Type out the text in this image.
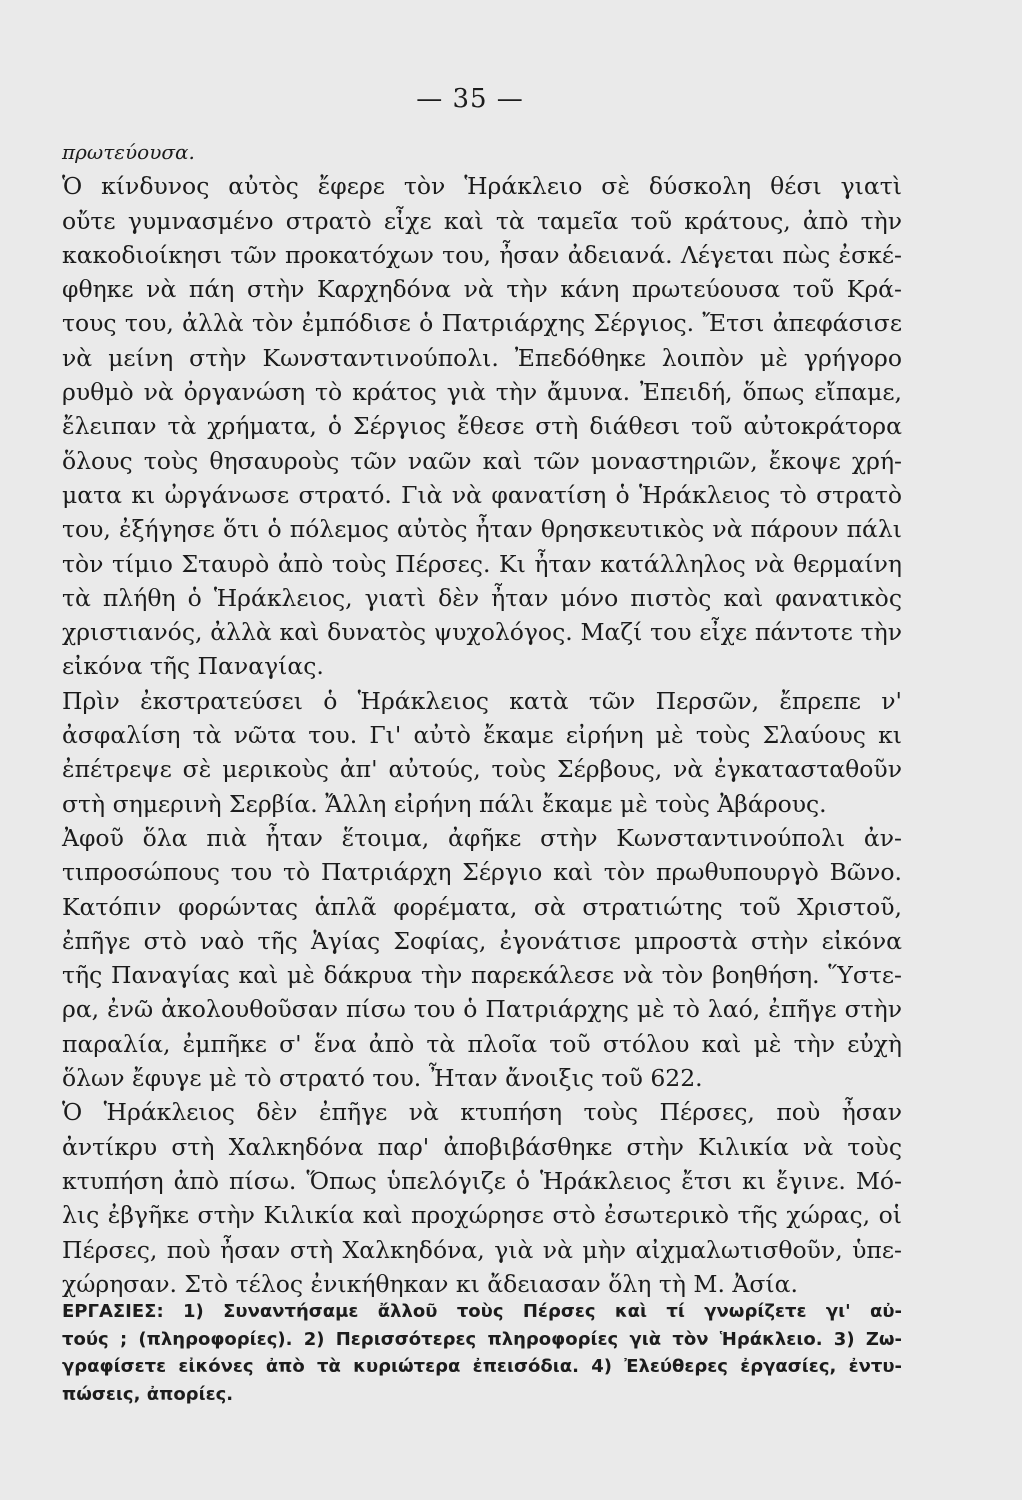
— 35 —
πρωτεύουσα.
Ὁ κίνδυνος αὐτὸς ἔφερε τὸν Ἡράκλειο σὲ δύσκολη θέσι γιατὶ
οὔτε γυμνασμένο στρατὸ εἶχε καὶ τὰ ταμεῖα τοῦ κράτους, ἀπὸ τὴν
κακοδιοίκησι τῶν προκατόχων του, ἦσαν ἀδειανά. Λέγεται πὼς ἐσκέ-
φθηκε νὰ πάη στὴν Καρχηδόνα νὰ τὴν κάνη πρωτεύουσα τοῦ Κρά-
τους του, ἀλλὰ τὸν ἐμπόδισε ὁ Πατριάρχης Σέργιος. Ἔτσι ἀπεφάσισε
νὰ μείνη στὴν Κωνσταντινούπολι. Ἐπεδόθηκε λοιπὸν μὲ γρήγορο
ρυθμὸ νὰ ὀργανώση τὸ κράτος γιὰ τὴν ἄμυνα. Ἐπειδή, ὅπως εἴπαμε,
ἔλειπαν τὰ χρήματα, ὁ Σέργιος ἔθεσε στὴ διάθεσι τοῦ αὐτοκράτορα
ὅλους τοὺς θησαυροὺς τῶν ναῶν καὶ τῶν μοναστηριῶν, ἔκοψε χρή-
ματα κι ὠργάνωσε στρατό. Γιὰ νὰ φανατίση ὁ Ἡράκλειος τὸ στρατὸ
του, ἐξήγησε ὅτι ὁ πόλεμος αὐτὸς ἦταν θρησκευτικὸς νὰ πάρουν πάλι
τὸν τίμιο Σταυρὸ ἀπὸ τοὺς Πέρσες. Κι ἦταν κατάλληλος νὰ θερμαίνη
τὰ πλήθη ὁ Ἡράκλειος, γιατὶ δὲν ἦταν μόνο πιστὸς καὶ φανατικὸς
χριστιανός, ἀλλὰ καὶ δυνατὸς ψυχολόγος. Μαζί του εἶχε πάντοτε τὴν
εἰκόνα τῆς Παναγίας.
Πρὶν ἐκστρατεύσει ὁ Ἡράκλειος κατὰ τῶν Περσῶν, ἔπρεπε ν'
ἀσφαλίση τὰ νῶτα του. Γι' αὐτὸ ἔκαμε εἰρήνη μὲ τοὺς Σλαύους κι
ἐπέτρεψε σὲ μερικοὺς ἀπ' αὐτούς, τοὺς Σέρβους, νὰ ἐγκατασταθοῦν
στὴ σημερινὴ Σερβία. Ἄλλη εἰρήνη πάλι ἔκαμε μὲ τοὺς Ἀβάρους.
Ἀφοῦ ὅλα πιὰ ἦταν ἕτοιμα, ἀφῆκε στὴν Κωνσταντινούπολι ἀν-
τιπροσώπους του τὸ Πατριάρχη Σέργιο καὶ τὸν πρωθυπουργὸ Βῶνο.
Κατόπιν φορώντας ἁπλᾶ φορέματα, σὰ στρατιώτης τοῦ Χριστοῦ,
ἐπῆγε στὸ ναὸ τῆς Ἁγίας Σοφίας, ἐγονάτισε μπροστὰ στὴν εἰκόνα
τῆς Παναγίας καὶ μὲ δάκρυα τὴν παρεκάλεσε νὰ τὸν βοηθήση. Ὕστε-
ρα, ἐνῶ ἀκολουθοῦσαν πίσω του ὁ Πατριάρχης μὲ τὸ λαό, ἐπῆγε στὴν
παραλία, ἐμπῆκε σ' ἕνα ἀπὸ τὰ πλοῖα τοῦ στόλου καὶ μὲ τὴν εὐχὴ
ὅλων ἔφυγε μὲ τὸ στρατό του. Ἦταν ἄνοιξις τοῦ 622.
Ὁ Ἡράκλειος δὲν ἐπῆγε νὰ κτυπήση τοὺς Πέρσες, ποὺ ἦσαν
ἀντίκρυ στὴ Χαλκηδόνα παρ' ἀποβιβάσθηκε στὴν Κιλικία νὰ τοὺς
κτυπήση ἀπὸ πίσω. Ὅπως ὑπελόγιζε ὁ Ἡράκλειος ἔτσι κι ἔγινε. Μό-
λις ἐβγῆκε στὴν Κιλικία καὶ προχώρησε στὸ ἐσωτερικὸ τῆς χώρας, οἱ
Πέρσες, ποὺ ἦσαν στὴ Χαλκηδόνα, γιὰ νὰ μὴν αἰχμαλωτισθοῦν, ὑπε-
χώρησαν. Στὸ τέλος ἐνικήθηκαν κι ἄδειασαν ὅλη τὴ Μ. Ἀσία.
ΕΡΓΑΣΙΕΣ: 1) Συναντήσαμε ἄλλοῦ τοὺς Πέρσες καὶ τί γνωρίζετε γι' αὐ-
τούς ; (πληροφορίες). 2) Περισσότερες πληροφορίες γιὰ τὸν Ἡράκλειο. 3) Ζω-
γραφίσετε εἰκόνες ἀπὸ τὰ κυριώτερα ἐπεισόδια. 4) Ἐλεύθερες ἐργασίες, ἐντυ-
πώσεις, ἀπορίες.
